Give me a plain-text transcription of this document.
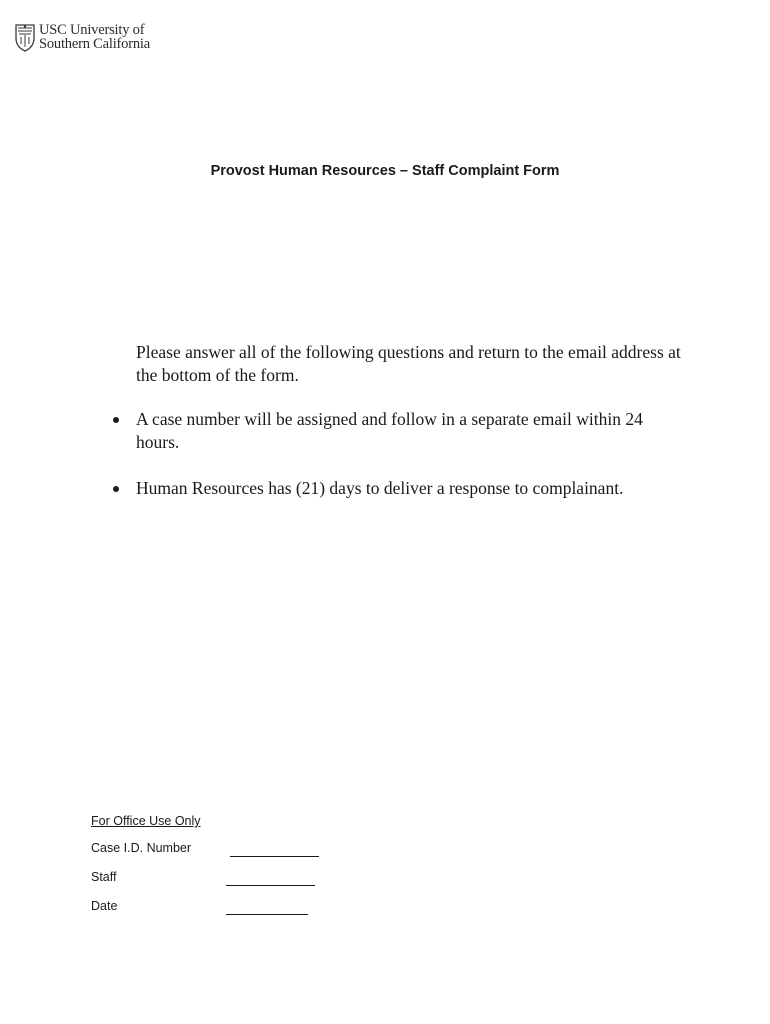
USC University of
Southern California
Provost Human Resources – Staff Complaint Form

Please answer all of the following questions and return to the email address at the bottom of the form.

A case number will be assigned and follow in a separate email within 24 hours.
Human Resources has (21) days to deliver a response to complainant.
For Office Use Only
Case I.D. Number
Staff
Date
